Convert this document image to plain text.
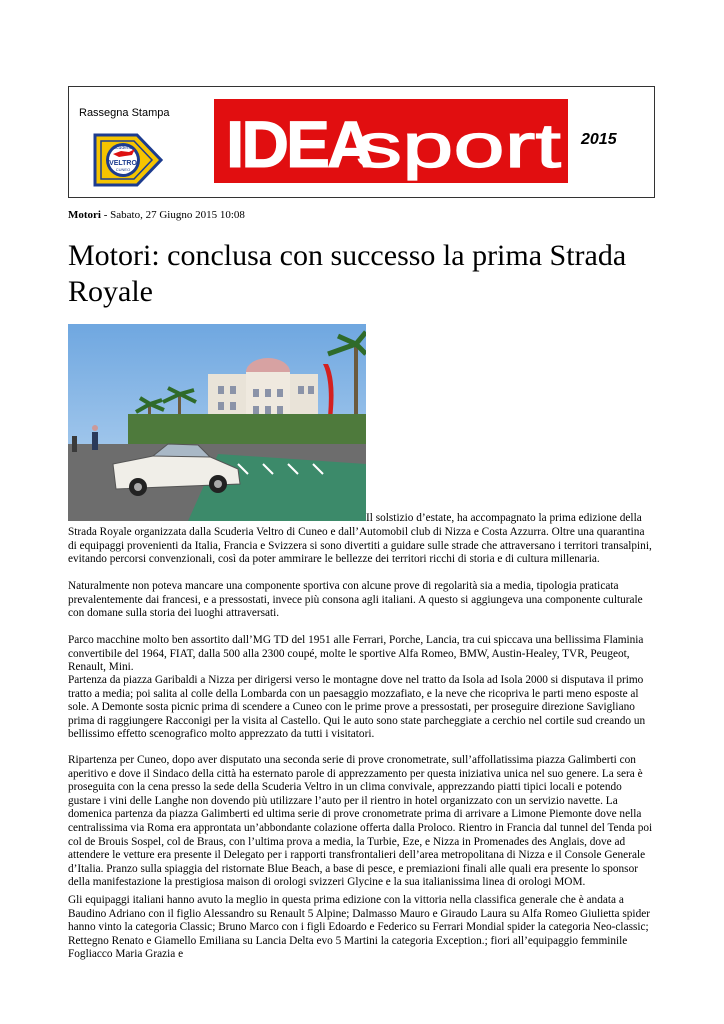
Rassegna Stampa
scuderia
VELTRO
CUNEO IDEA
sport 2015
Motori - Sabato, 27 Giugno 2015 10:08
Motori: conclusa con successo la prima Strada Royale
Il solstizio d’estate, ha accompagnato la prima edizione della

Strada Royale organizzata dalla Scuderia Veltro di Cuneo e dall’Automobil club di Nizza e Costa Azzurra. Oltre una quarantina di equipaggi provenienti da Italia, Francia e Svizzera si sono divertiti a guidare sulle strade che attraversano i territori transalpini, evitando percorsi convenzionali, così da poter ammirare le bellezze dei territori ricchi di storia e di cultura millenaria.

Naturalmente non poteva mancare una componente sportiva con alcune prove di regolarità sia a media, tipologia praticata prevalentemente dai francesi, e a pressostati, invece più consona agli italiani. A questo si aggiungeva una componente culturale con domane sulla storia dei luoghi attraversati.

Parco macchine molto ben assortito dall’MG TD del 1951 alle Ferrari, Porche, Lancia, tra cui spiccava una bellissima Flaminia convertibile del 1964, FIAT, dalla 500 alla 2300 coupé, molte le sportive Alfa Romeo, BMW, Austin-Healey, TVR, Peugeot, Renault, Mini.

Partenza da piazza Garibaldi a Nizza per dirigersi verso le montagne dove nel tratto da Isola ad Isola 2000 si disputava il primo tratto a media; poi salita al colle della Lombarda con un paesaggio mozzafiato, e la neve che ricopriva le parti meno esposte al sole. A Demonte sosta picnic prima di scendere a Cuneo con le prime prove a pressostati, per proseguire direzione Savigliano prima di raggiungere Racconigi per la visita al Castello. Qui le auto sono state parcheggiate a cerchio nel cortile sud creando un bellissimo effetto scenografico molto apprezzato da tutti i visitatori.

Ripartenza per Cuneo, dopo aver disputato una seconda serie di prove cronometrate, sull’affollatissima piazza Galimberti con aperitivo e dove il Sindaco della città ha esternato parole di apprezzamento per questa iniziativa unica nel suo genere. La sera è proseguita con la cena presso la sede della Scuderia Veltro in un clima convivale, apprezzando piatti tipici locali e potendo gustare i vini delle Langhe non dovendo più utilizzare l’auto per il rientro in hotel organizzato con un servizio navette. La domenica partenza da piazza Galimberti ed ultima serie di prove cronometrate prima di arrivare a Limone Piemonte dove nella centralissima via Roma era approntata un’abbondante colazione offerta dalla Proloco. Rientro in Francia dal tunnel del Tenda poi col de Brouis Sospel, col de Braus, con l’ultima prova a media, la Turbie, Eze, e Nizza in Promenades des Anglais, dove ad attendere le vetture era presente il Delegato per i rapporti transfrontalieri dell’area metropolitana di Nizza e il Console Generale d’Italia. Pranzo sulla spiaggia del ristornate Blue Beach, a base di pesce, e premiazioni finali alle quali era presente lo sponsor della manifestazione la prestigiosa maison di orologi svizzeri Glycine e la sua italianissima linea di orologi MOM.

Gli equipaggi italiani hanno avuto la meglio in questa prima edizione con la vittoria nella classifica generale che è andata a Baudino Adriano con il figlio Alessandro su Renault 5 Alpine; Dalmasso Mauro e Giraudo Laura su Alfa Romeo Giulietta spider hanno vinto la categoria Classic; Bruno Marco con i figli Edoardo e Federico su Ferrari Mondial spider la categoria Neo-classic; Rettegno Renato e Giamello Emiliana su Lancia Delta evo 5 Martini la categoria Exception.; fiori all’equipaggio femminile Fogliacco Maria Grazia e
